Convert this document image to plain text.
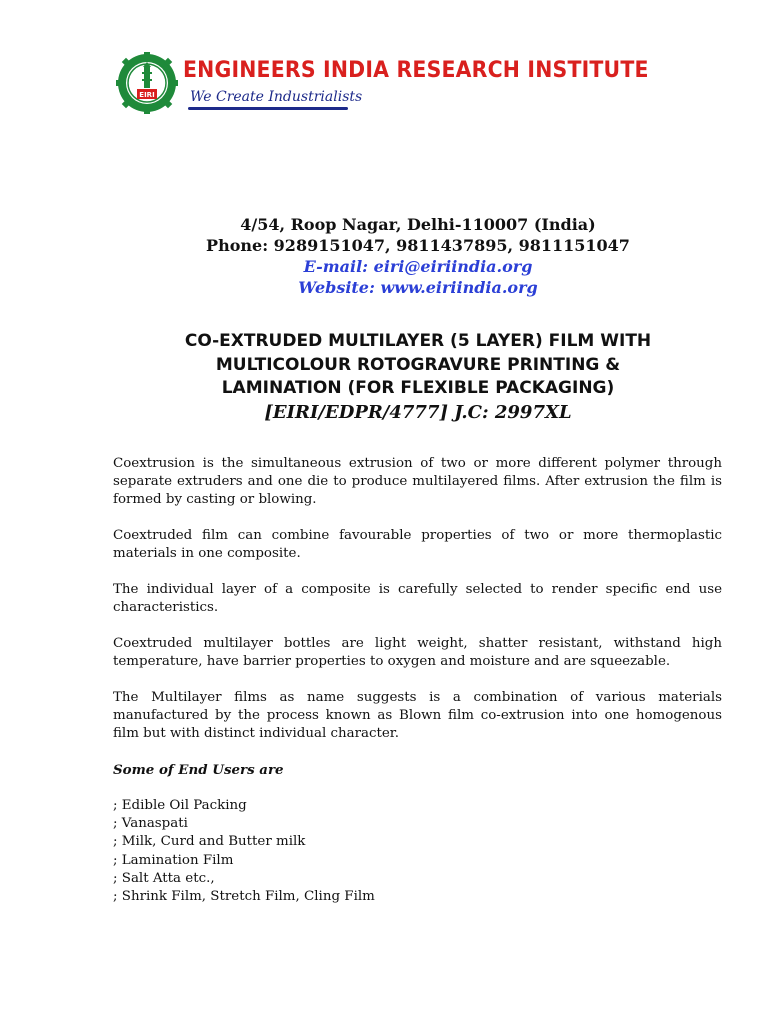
EIRI
ENGINEERS INDIA RESEARCH INSTITUTE
We Create Industrialists
4/54, Roop Nagar, Delhi-110007 (India)
Phone: 9289151047, 9811437895, 9811151047
E-mail: eiri@eiriindia.org
Website: www.eiriindia.org
CO-EXTRUDED MULTILAYER (5 LAYER) FILM WITH
MULTICOLOUR ROTOGRAVURE PRINTING &
LAMINATION (FOR FLEXIBLE PACKAGING)
[EIRI/EDPR/4777] J.C: 2997XL

Coextrusion is the simultaneous extrusion of two or more different polymer through separate extruders and one die to produce multilayered films. After extrusion the film is formed by casting or blowing.

Coextruded film can combine favourable properties of two or more thermoplastic materials in one composite.

The individual layer of a composite is carefully selected to render specific end use characteristics.

Coextruded multilayer bottles are light weight, shatter resistant, withstand high temperature, have barrier properties to oxygen and moisture and are squeezable.

The Multilayer films as name suggests is a combination of various materials manufactured by the process known as Blown film co-extrusion into one homogenous film but with distinct individual character.

Some of End Users are
; Edible Oil Packing
; Vanaspati
; Milk, Curd and Butter milk
; Lamination Film
; Salt Atta etc.,
; Shrink Film, Stretch Film, Cling Film
